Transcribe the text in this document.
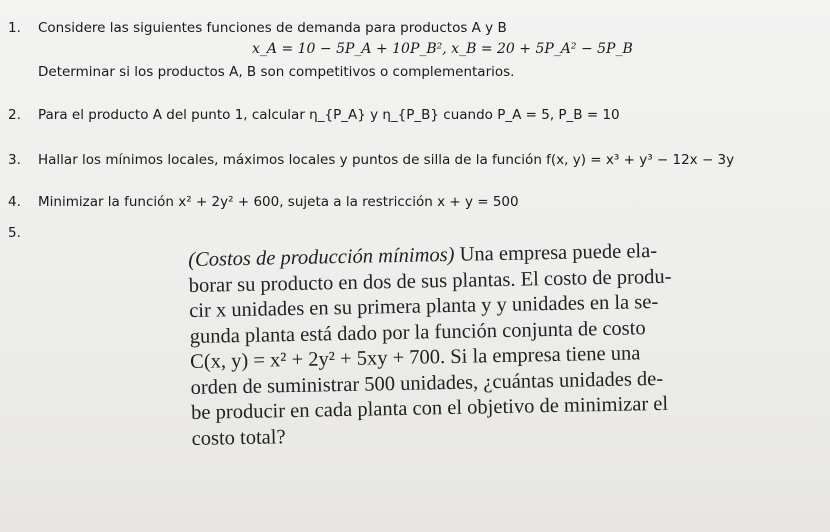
1. Considere las siguientes funciones de demanda para productos A y B
x_A = 10 − 5P_A + 10P_B², x_B = 20 + 5P_A² − 5P_B
Determinar si los productos A, B son competitivos o complementarios.
2. Para el producto A del punto 1, calcular η_{P_A} y η_{P_B} cuando P_A = 5, P_B = 10
3. Hallar los mínimos locales, máximos locales y puntos de silla de la función f(x, y) = x³ + y³ − 12x − 3y
4. Minimizar la función x² + 2y² + 600, sujeta a la restricción x + y = 500
5.
(Costos de producción mínimos) Una empresa puede ela-
borar su producto en dos de sus plantas. El costo de produ-
cir x unidades en su primera planta y y unidades en la se-
gunda planta está dado por la función conjunta de costo
C(x, y) = x² + 2y² + 5xy + 700. Si la empresa tiene una
orden de suministrar 500 unidades, ¿cuántas unidades de-
be producir en cada planta con el objetivo de minimizar el
costo total?
